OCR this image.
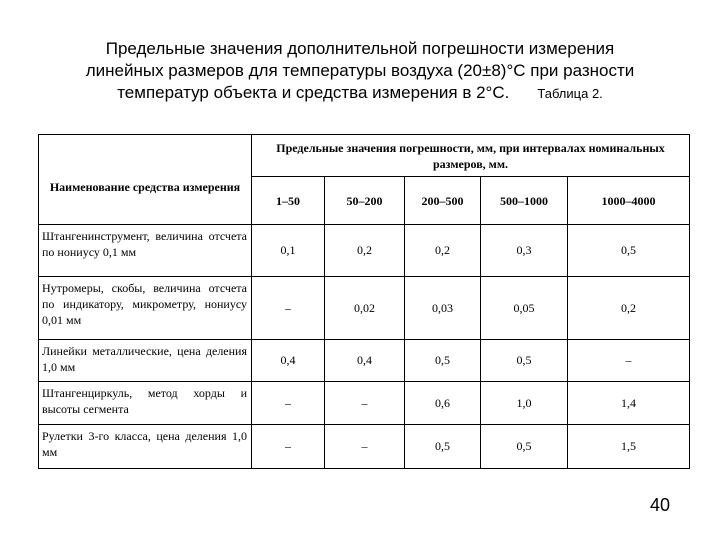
Предельные значения дополнительной погрешности измерения
линейных размеров для температуры воздуха (20±8)°С при разности
температур объекта и средства измерения в 2°С. Таблица 2.
Наименование средства измерения	Предельные значения погрешности, мм, при интервалах номинальных размеров, мм.				
	1–50	50–200	200–500	500–1000	1000–4000
Штангенинструмент, величина отсчета по нониусу 0,1 мм	0,1	0,2	0,2	0,3	0,5
Нутромеры, скобы, величина отсчета по индикатору, микрометру, нониусу 0,01 мм	–	0,02	0,03	0,05	0,2
Линейки металлические, цена деления 1,0 мм	0,4	0,4	0,5	0,5	–
Штангенциркуль, метод хорды и высоты сегмента	–	–	0,6	1,0	1,4
Рулетки 3-го класса, цена деления 1,0 мм	–	–	0,5	0,5	1,5
40
